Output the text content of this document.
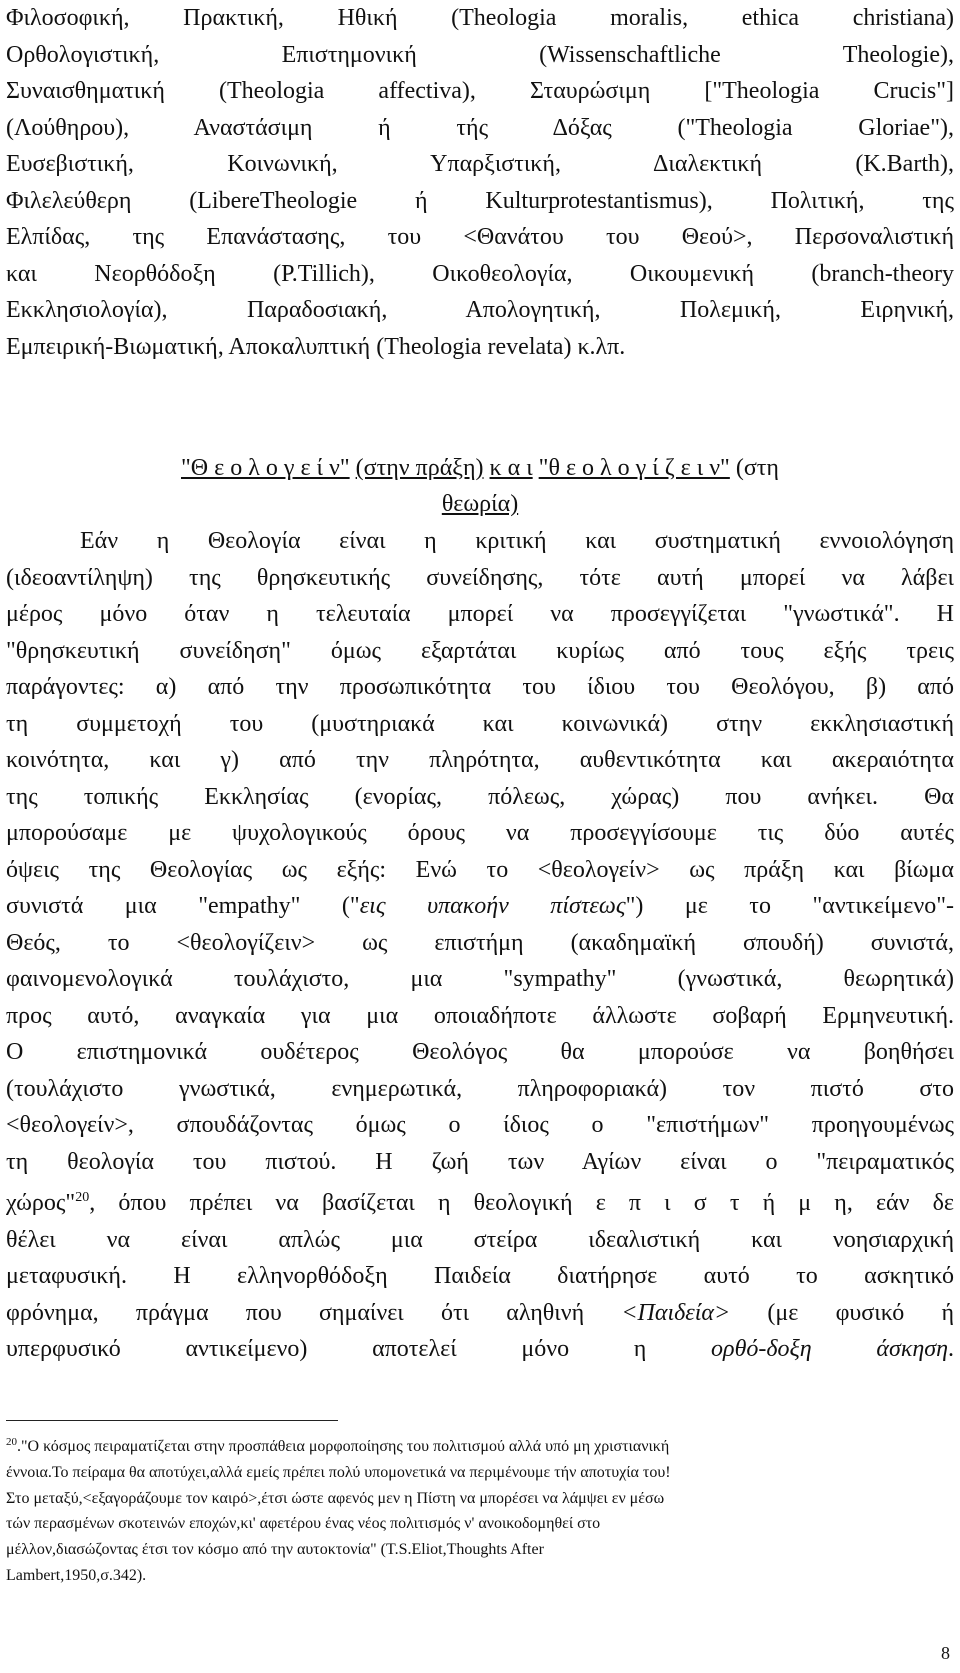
Φιλοσοφική, Πρακτική, Ηθική (Theologia moralis, ethica christiana)
Ορθολογιστική, Επιστημονική (Wissenschaftliche Theologie),
Συναισθηματική (Theologia affectiva), Σταυρώσιμη ["Theologia Crucis"]
(Λούθηρου), Αναστάσιμη ή τής Δόξας ("Theologia Gloriae"),
Ευσεβιστική, Κοινωνική, Υπαρξιστική, Διαλεκτική (K.Barth),
Φιλελεύθερη (LibereTheologie ή Kulturprotestantismus), Πολιτική, της
Ελπίδας, της Επανάστασης, του <Θανάτου του Θεού>, Περσοναλιστική
και Νεορθόδοξη (P.Tillich), Οικοθεολογία, Οικουμενική (branch-theory
Εκκλησιολογία), Παραδοσιακή, Απολογητική, Πολεμική, Ειρηνική,
Εμπειρική-Βιωματική, Αποκαλυπτική (Theologia revelata) κ.λπ.
"Θ ε ο λ ο γ ε ί ν" (στην πράξη) κ α ι "θ ε ο λ ο γ ί ζ ε ι ν" (στη
θεωρία)
Εάν η Θεολογία είναι η κριτική και συστηματική εννοιολόγηση
(ιδεοαντίληψη) της θρησκευτικής συνείδησης, τότε αυτή μπορεί να λάβει
μέρος μόνο όταν η τελευταία μπορεί να προσεγγίζεται "γνωστικά". Η
"θρησκευτική συνείδηση" όμως εξαρτάται κυρίως από τους εξής τρεις
παράγοντες: α) από την προσωπικότητα του ίδιου του Θεολόγου, β) από
τη συμμετοχή του (μυστηριακά και κοινωνικά) στην εκκλησιαστική
κοινότητα, και γ) από την πληρότητα, αυθεντικότητα και ακεραιότητα
της τοπικής Εκκλησίας (ενορίας, πόλεως, χώρας) που ανήκει. Θα
μπορούσαμε με ψυχολογικούς όρους να προσεγγίσουμε τις δύο αυτές
όψεις της Θεολογίας ως εξής: Ενώ το <θεολογείν> ως πράξη και βίωμα
συνιστά μια "empathy" ("εις υπακοήν πίστεως") με το "αντικείμενο"-
Θεός, το <θεολογίζειν> ως επιστήμη (ακαδημαϊκή σπουδή) συνιστά,
φαινομενολογικά τουλάχιστο, μια "sympathy" (γνωστικά, θεωρητικά)
προς αυτό, αναγκαία για μια οποιαδήποτε άλλωστε σοβαρή Ερμηνευτική.
Ο επιστημονικά ουδέτερος Θεολόγος θα μπορούσε να βοηθήσει
(τουλάχιστο γνωστικά, ενημερωτικά, πληροφοριακά) τον πιστό στο
<θεολογείν>, σπουδάζοντας όμως ο ίδιος ο "επιστήμων" προηγουμένως
τη θεολογία του πιστού. Η ζωή των Αγίων είναι ο "πειραματικός
χώρος"$^{20}$, όπου πρέπει να βασίζεται η θεολογική ε π ι σ τ ή μ η, εάν δε
θέλει να είναι απλώς μια στείρα ιδεαλιστική και νοησιαρχική
μεταφυσική. Η ελληνορθόδοξη Παιδεία διατήρησε αυτό το ασκητικό
φρόνημα, πράγμα που σημαίνει ότι αληθινή <Παιδεία> (με φυσικό ή
υπερφυσικό αντικείμενο) αποτελεί μόνο η ορθό-δοξη άσκηση.
$^{20}$."Ο κόσμος πειραματίζεται στην προσπάθεια μορφοποίησης του πολιτισμού αλλά υπό μη χριστιανική
έννοια.Το πείραμα θα αποτύχει,αλλά εμείς πρέπει πολύ υπομονετικά να περιμένουμε τήν αποτυχία του!
Στο μεταξύ,<εξαγοράζουμε τον καιρό>,έτσι ώστε αφενός μεν η Πίστη να μπορέσει να λάμψει εν μέσω
τών περασμένων σκοτεινών εποχών,κι' αφετέρου ένας νέος πολιτισμός ν' ανοικοδομηθεί στο
μέλλον,διασώζοντας έτσι τον κόσμο από την αυτοκτονία" (T.S.Eliot,Thoughts After
Lambert,1950,σ.342).
8
